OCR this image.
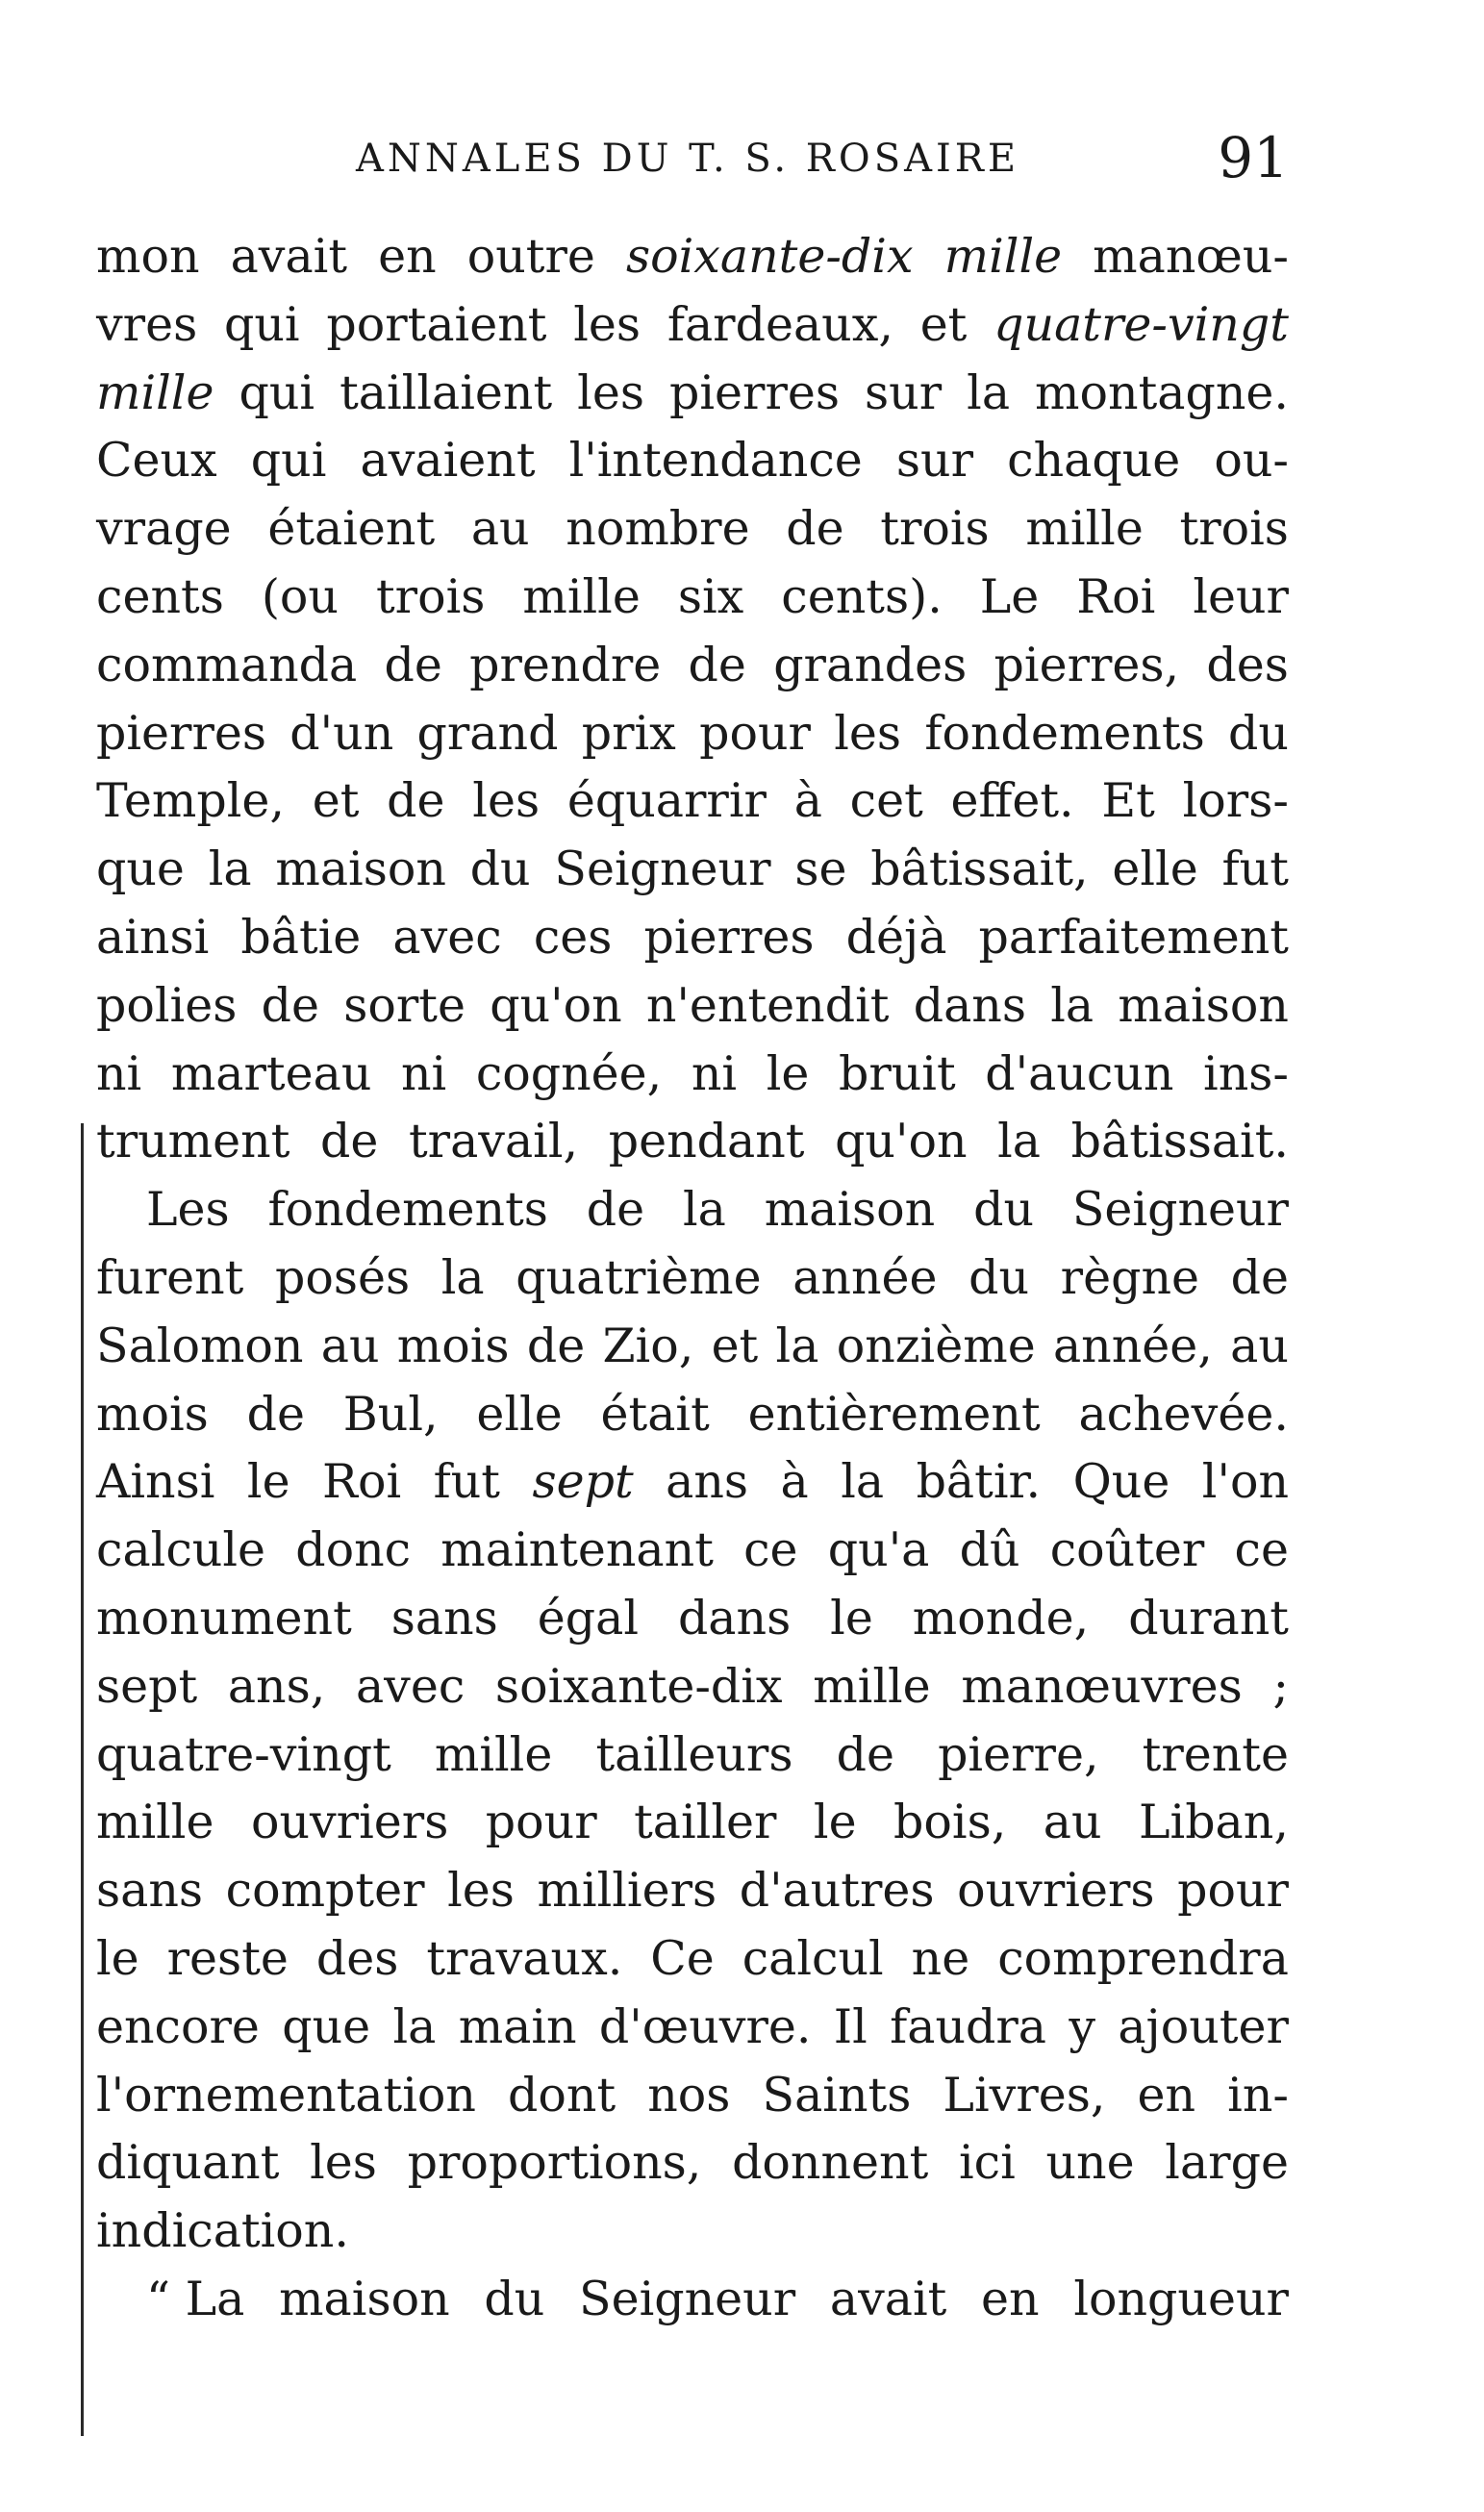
ANNALES DU T. S. ROSAIRE	91
mon avait en outre soixante-dix mille manœu-
vres qui portaient les fardeaux, et quatre-vingt
mille qui taillaient les pierres sur la montagne.
Ceux qui avaient l'intendance sur chaque ou-
vrage étaient au nombre de trois mille trois
cents (ou trois mille six cents). Le Roi leur
commanda de prendre de grandes pierres, des
pierres d'un grand prix pour les fondements du
Temple, et de les équarrir à cet effet. Et lors-
que la maison du Seigneur se bâtissait, elle fut
ainsi bâtie avec ces pierres déjà parfaitement
polies de sorte qu'on n'entendit dans la maison
ni marteau ni cognée, ni le bruit d'aucun ins-
trument de travail, pendant qu'on la bâtissait.
Les fondements de la maison du Seigneur
furent posés la quatrième année du règne de
Salomon au mois de Zio, et la onzième année, au
mois de Bul, elle était entièrement achevée.
Ainsi le Roi fut sept ans à la bâtir. Que l'on
calcule donc maintenant ce qu'a dû coûter ce
monument sans égal dans le monde, durant
sept ans, avec soixante-dix mille manœuvres ;
quatre-vingt mille tailleurs de pierre, trente
mille ouvriers pour tailler le bois, au Liban,
sans compter les milliers d'autres ouvriers pour
le reste des travaux. Ce calcul ne comprendra
encore que la main d'œuvre. Il faudra y ajouter
l'ornementation dont nos Saints Livres, en in-
diquant les proportions, donnent ici une large
indication.
“ La maison du Seigneur avait en longueur
